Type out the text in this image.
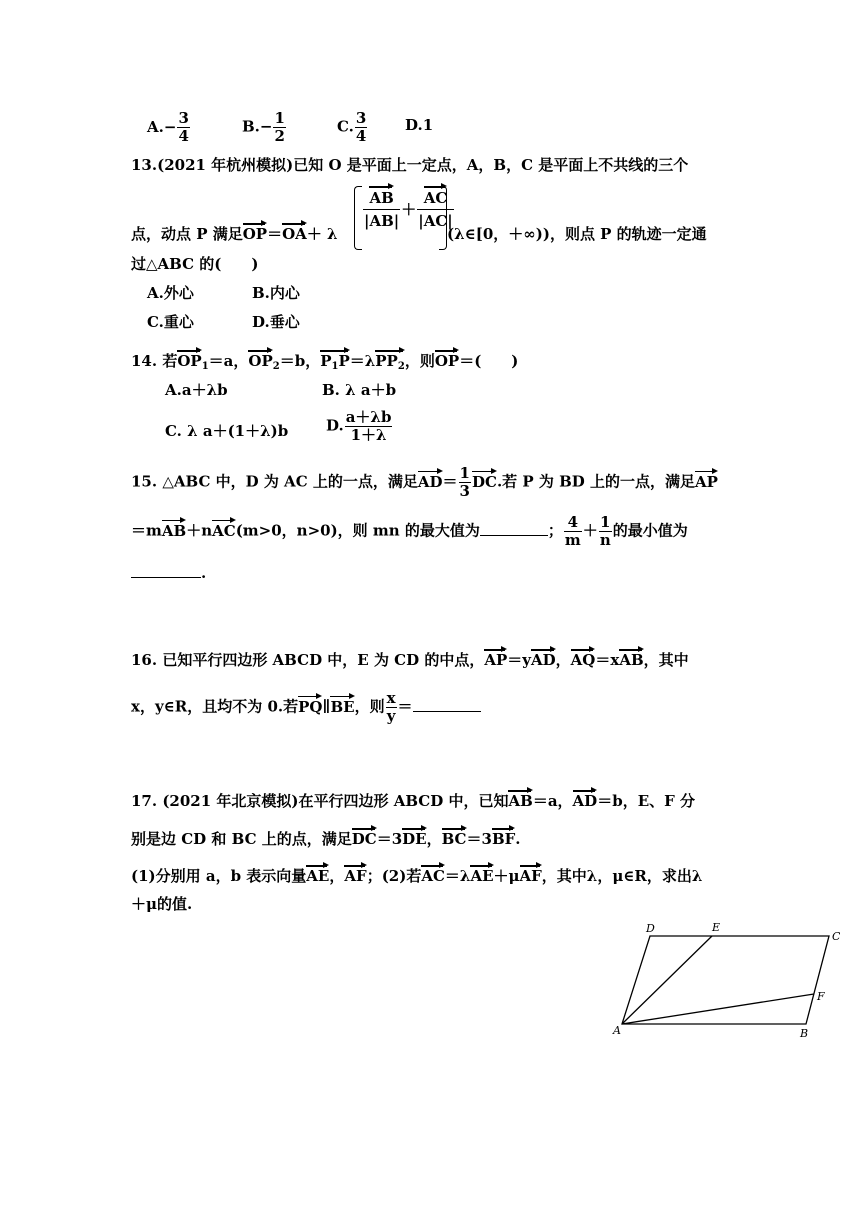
$A.- \frac{3}{4}$	$B.- \frac{1}{2}$	C. $\frac{3}{4}$	D.1
13.(2021 年杭州模拟)已知 O 是平面上一定点，A，B，C 是平面上不共线的三个
点，动点 P 满足OP＝OA＋ λ
$\frac{AB}{|AB|} + \frac{AC}{|AC|}$
(λ∈[0，＋∞))，则点 P 的轨迹一定通
过△ABC 的(　　)
A.外心	B.内心
C.重心	D.垂心
14. 若$OP_1=a$，$OP_2=b$，$P_1P=\lambda PP_2$，则OP＝(　　)
A.a＋λb	B. λ a＋b
C. λ a＋(1＋λ)b	D. $\frac{a+\lambda b}{1+\lambda}$
15. △ABC 中，D 为 AC 上的一点，满足$AD= \frac{1}{3}$ DC.若 P 为 BD 上的一点，满足AP
＝mAB＋nAC(m>0，n>0)，则 mn 的最大值为	； $\frac{4}{m} + \frac{1}{n}$ 的最小值为
.
16. 已知平行四边形 ABCD 中，E 为 CD 的中点，AP＝yAD，AQ＝xAB，其中
x，y∈R，且均不为 0.若PQ∥BE，则 $\frac{x}{y}$ ＝
17. (2021 年北京模拟)在平行四边形 ABCD 中，已知AB＝a，AD＝b，E、F 分
别是边 CD 和 BC 上的点，满足DC＝3DE，BC＝3BF.
(1)分别用 a，b 表示向量AE，AF；(2)若AC＝λAE＋μAF，其中λ，μ∈R，求出λ
＋μ的值.
A	B
C
D	E
F
